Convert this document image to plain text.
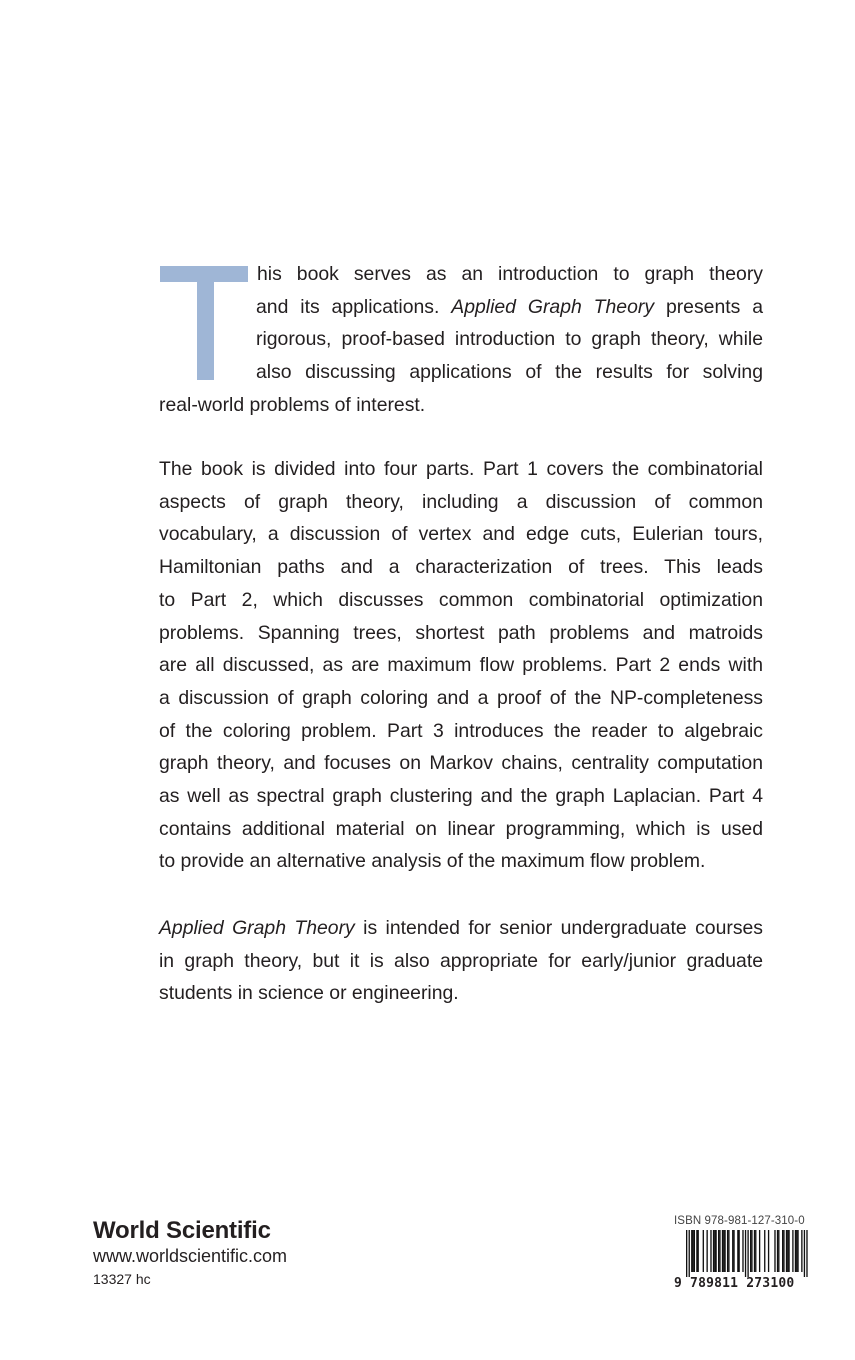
his book serves as an introduction to graph theory
and its applications. Applied Graph Theory presents a
rigorous, proof-based introduction to graph theory, while
also discussing applications of the results for solving
real-world problems of interest.

The book is divided into four parts. Part 1 covers the combinatorial
aspects of graph theory, including a discussion of common
vocabulary, a discussion of vertex and edge cuts, Eulerian tours,
Hamiltonian paths and a characterization of trees. This leads
to Part 2, which discusses common combinatorial optimization
problems. Spanning trees, shortest path problems and matroids
are all discussed, as are maximum flow problems. Part 2 ends with
a discussion of graph coloring and a proof of the NP-completeness
of the coloring problem. Part 3 introduces the reader to algebraic
graph theory, and focuses on Markov chains, centrality computation
as well as spectral graph clustering and the graph Laplacian. Part 4
contains additional material on linear programming, which is used
to provide an alternative analysis of the maximum flow problem.

Applied Graph Theory is intended for senior undergraduate courses
in graph theory, but it is also appropriate for early/junior graduate
students in science or engineering.

World Scientific
www.worldscientific.com
13327 hc
ISBN 978-981-127-310-0
9 789811 273100
